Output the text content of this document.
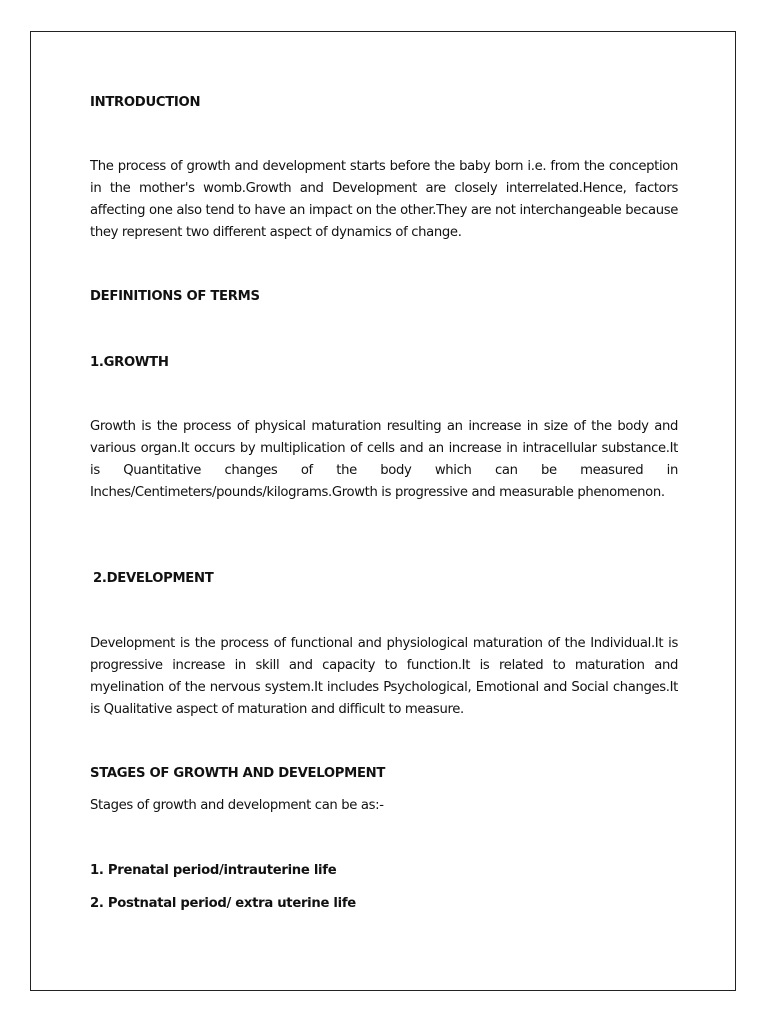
INTRODUCTION
The process of growth and development starts before the baby born i.e. from the conception in the mother's womb.Growth and Development are closely interrelated.Hence, factors affecting one also tend to have an impact on the other.They are not interchangeable because they represent two different aspect of dynamics of change.
DEFINITIONS OF TERMS
1.GROWTH
Growth is the process of physical maturation resulting an increase in size of the body and various organ.It occurs by multiplication of cells and an increase in intracellular substance.It is Quantitative changes of the body which can be measured in Inches/Centimeters/pounds/kilograms.Growth is progressive and measurable phenomenon.
2.DEVELOPMENT
Development is the process of functional and physiological maturation of the Individual.It is progressive increase in skill and capacity to function.It is related to maturation and myelination of the nervous system.It includes Psychological, Emotional and Social changes.It is Qualitative aspect of maturation and difficult to measure.
STAGES OF GROWTH AND DEVELOPMENT
Stages of growth and development can be as:-
1. Prenatal period/intrauterine life
2. Postnatal period/ extra uterine life
